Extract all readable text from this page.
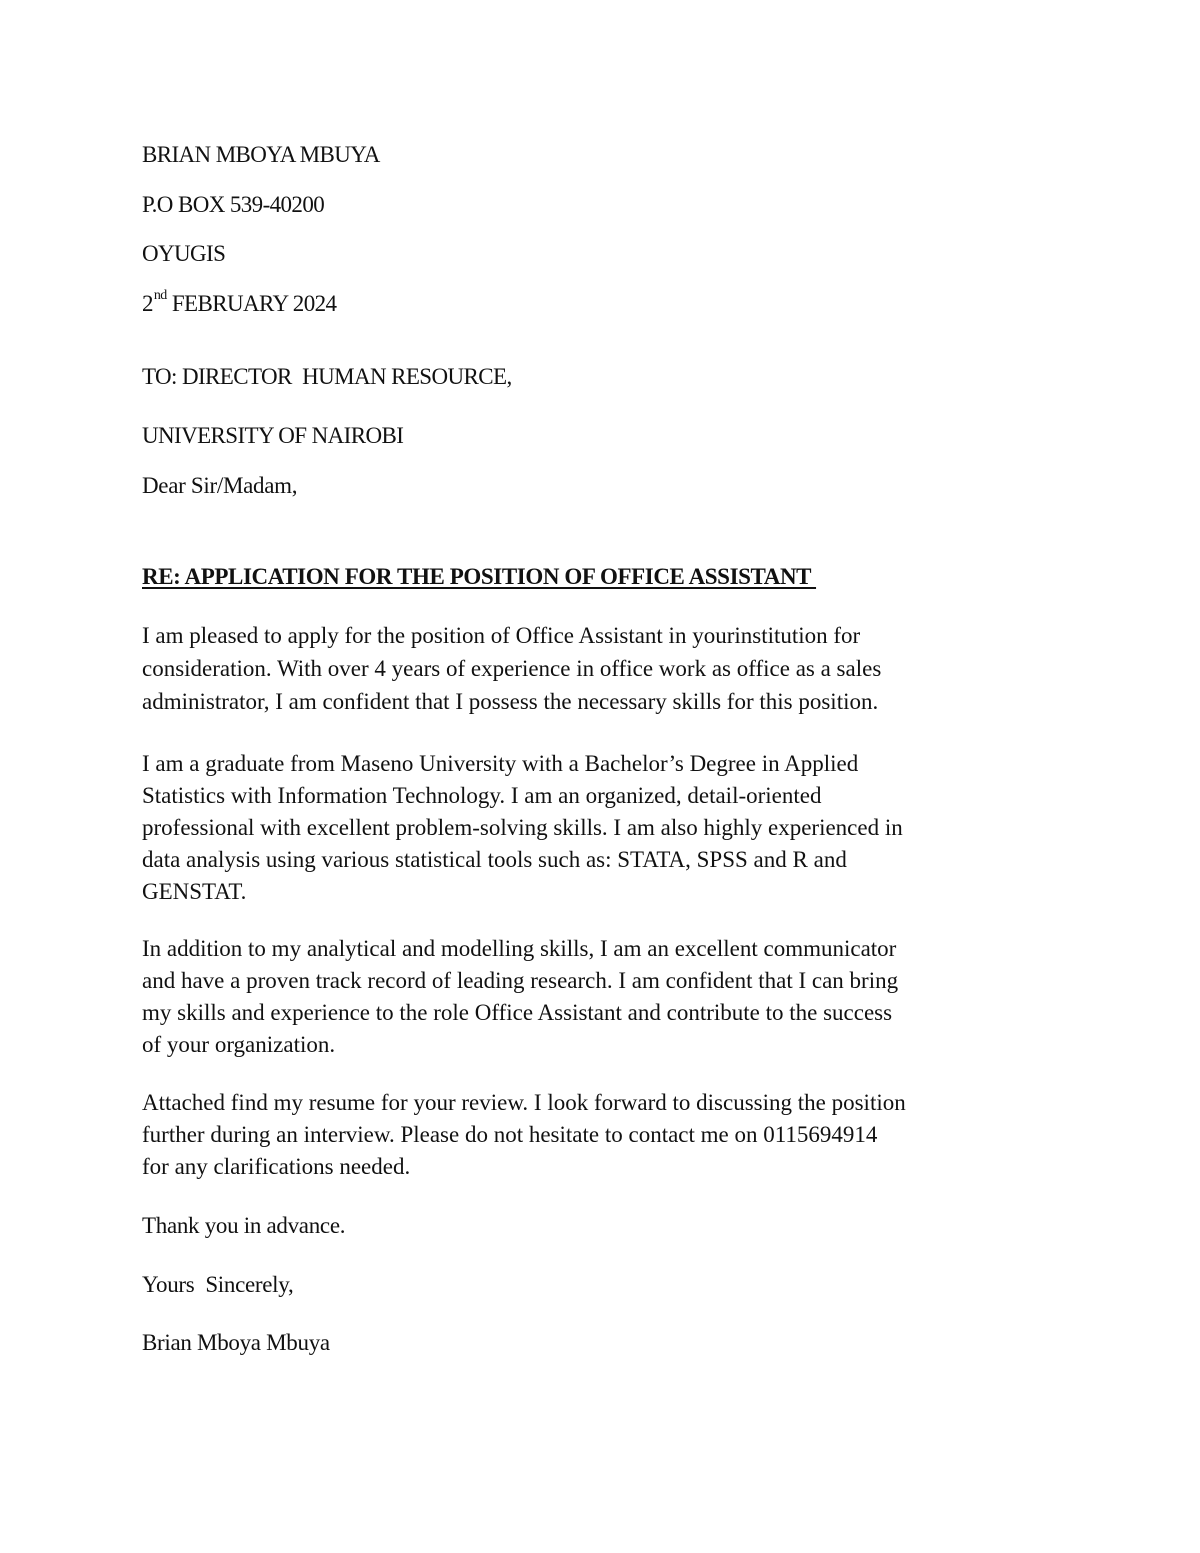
BRIAN MBOYA MBUYA
P.O BOX 539-40200
OYUGIS
2nd FEBRUARY 2024
TO: DIRECTOR  HUMAN RESOURCE,
UNIVERSITY OF NAIROBI
Dear Sir/Madam,
RE: APPLICATION FOR THE POSITION OF OFFICE ASSISTANT
I am pleased to apply for the position of Office Assistant in yourinstitution for
consideration. With over 4 years of experience in office work as office as a sales
administrator, I am confident that I possess the necessary skills for this position.
I am a graduate from Maseno University with a Bachelor’s Degree in Applied
Statistics with Information Technology. I am an organized, detail-oriented
professional with excellent problem-solving skills. I am also highly experienced in
data analysis using various statistical tools such as: STATA, SPSS and R and
GENSTAT.
In addition to my analytical and modelling skills, I am an excellent communicator
and have a proven track record of leading research. I am confident that I can bring
my skills and experience to the role Office Assistant and contribute to the success
of your organization.
Attached find my resume for your review. I look forward to discussing the position
further during an interview. Please do not hesitate to contact me on 0115694914
for any clarifications needed.
Thank you in advance.
Yours  Sincerely,
Brian Mboya Mbuya
